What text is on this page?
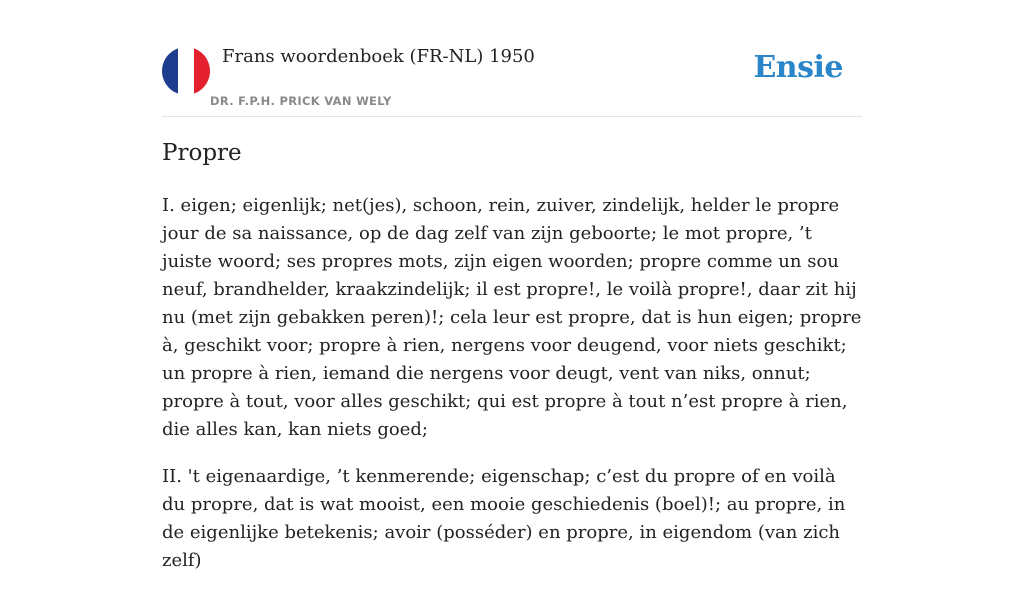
Frans woordenboek (FR-NL) 1950
DR. F.P.H. PRICK VAN WELY
Ensie
Propre

I. eigen; eigenlijk; net(jes), schoon, rein, zuiver, zindelijk, helder le propre jour de sa naissance, op de dag zelf van zijn geboorte; le mot propre, ’t juiste woord; ses propres mots, zijn eigen woorden; propre comme un sou neuf, brandhelder, kraakzindelijk; il est propre!, le voilà propre!, daar zit hij nu (met zijn gebakken peren)!; cela leur est propre, dat is hun eigen; propre à, geschikt voor; propre à rien, nergens voor deugend, voor niets geschikt; un propre à rien, iemand die nergens voor deugt, vent van niks, onnut; propre à tout, voor alles geschikt; qui est propre à tout n’est propre à rien, die alles kan, kan niets goed;

II. 't eigenaardige, ’t kenmerende; eigenschap; c’est du propre of en voilà du propre, dat is wat mooist, een mooie geschiedenis (boel)!; au propre, in de eigenlijke betekenis; avoir (posséder) en propre, in eigendom (van zich zelf)
